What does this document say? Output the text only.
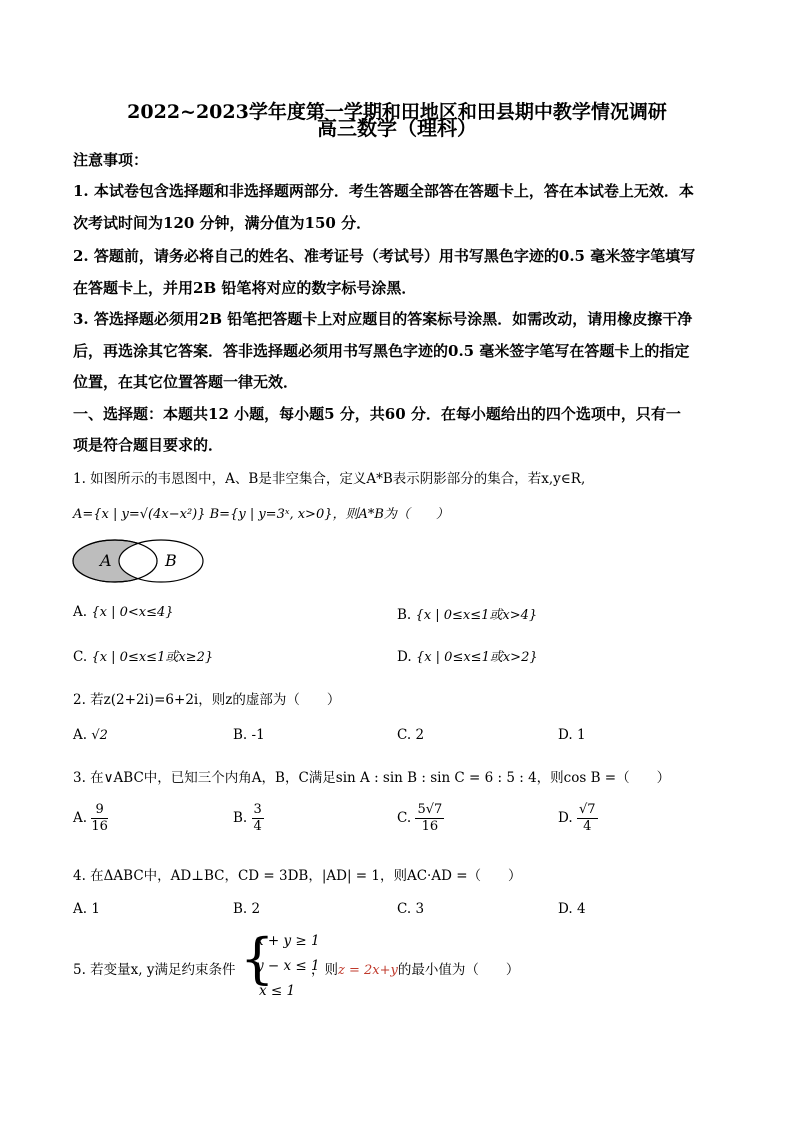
2022~2023学年度第一学期和田地区和田县期中教学情况调研
高三数学（理科）
注意事项：
1. 本试卷包含选择题和非选择题两部分．考生答题全部答在答题卡上，答在本试卷上无效．本
次考试时间为120 分钟，满分值为150 分．
2. 答题前，请务必将自己的姓名、准考证号（考试号）用书写黑色字迹的0.5 毫米签字笔填写
在答题卡上，并用2B 铅笔将对应的数字标号涂黑．
3. 答选择题必须用2B 铅笔把答题卡上对应题目的答案标号涂黑．如需改动，请用橡皮擦干净
后，再选涂其它答案．答非选择题必须用书写黑色字迹的0.5 毫米签字笔写在答题卡上的指定
位置，在其它位置答题一律无效．
一、选择题：本题共12 小题，每小题5 分，共60 分．在每小题给出的四个选项中，只有一
项是符合题目要求的．
1. 如图所示的韦恩图中，A、B是非空集合，定义A*B表示阴影部分的集合，若x,y∈R,
A={x | y=√(4x−x²)} B={y | y=3ˣ, x>0}，则A*B为（　　）
A	B
A. {x | 0<x≤4}	B. {x | 0≤x≤1或x>4}
C. {x | 0≤x≤1或x≥2}	D. {x | 0≤x≤1或x>2}
2. 若z(2+2i)=6+2i，则z的虚部为（　　）
A. √2	B. -1	C. 2	D. 1
3. 在∨ABC中，已知三个内角A，B，C满足sin A : sin B : sin C = 6 : 5 : 4，则cos B =（　　）
A. $\frac{9}{16}$	B. $\frac{3}{4}$	C. $\frac{5√7}{16}$	D. $\frac{√7}{4}$
4. 在ΔABC中，AD⊥BC，CD = 3DB，|AD| = 1，则AC·AD =（　　）
A. 1	B. 2	C. 3	D. 4
5. 若变量x, y满足约束条件 {
x + y ≥ 1
y − x ≤ 1
x ≤ 1
，则z = 2x+y的最小值为（　　）
